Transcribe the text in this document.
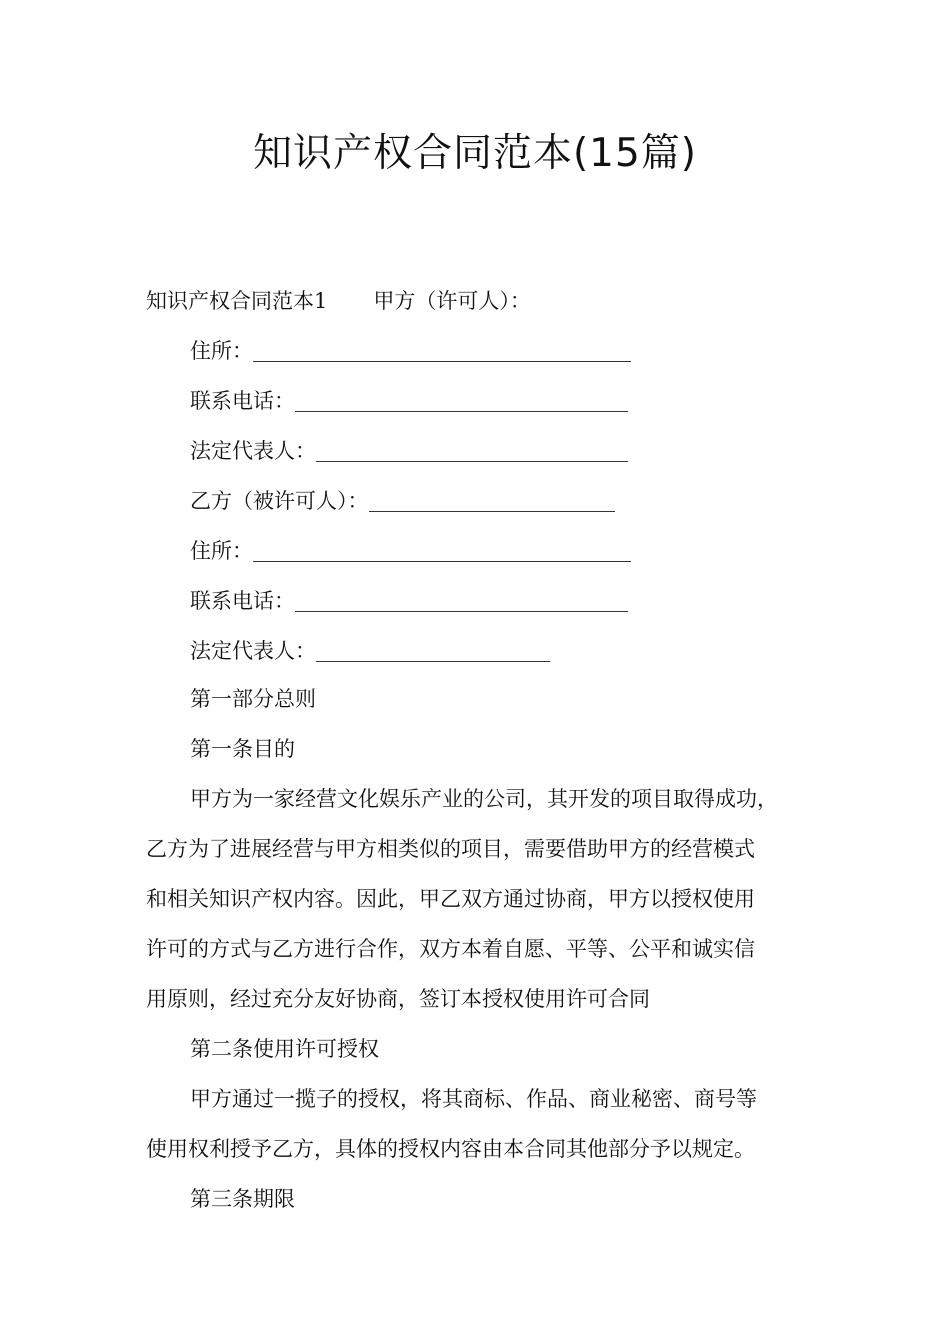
知识产权合同范本(15篇)
知识产权合同范本1 甲方（许可人）：
住所：
联系电话：
法定代表人：
乙方（被许可人）：
住所：
联系电话：
法定代表人：
第一部分总则
第一条目的
甲方为一家经营文化娱乐产业的公司，其开发的项目取得成功，
乙方为了进展经营与甲方相类似的项目，需要借助甲方的经营模式
和相关知识产权内容。因此，甲乙双方通过协商，甲方以授权使用
许可的方式与乙方进行合作，双方本着自愿、平等、公平和诚实信
用原则，经过充分友好协商，签订本授权使用许可合同
第二条使用许可授权
甲方通过一揽子的授权，将其商标、作品、商业秘密、商号等
使用权利授予乙方，具体的授权内容由本合同其他部分予以规定。
第三条期限
